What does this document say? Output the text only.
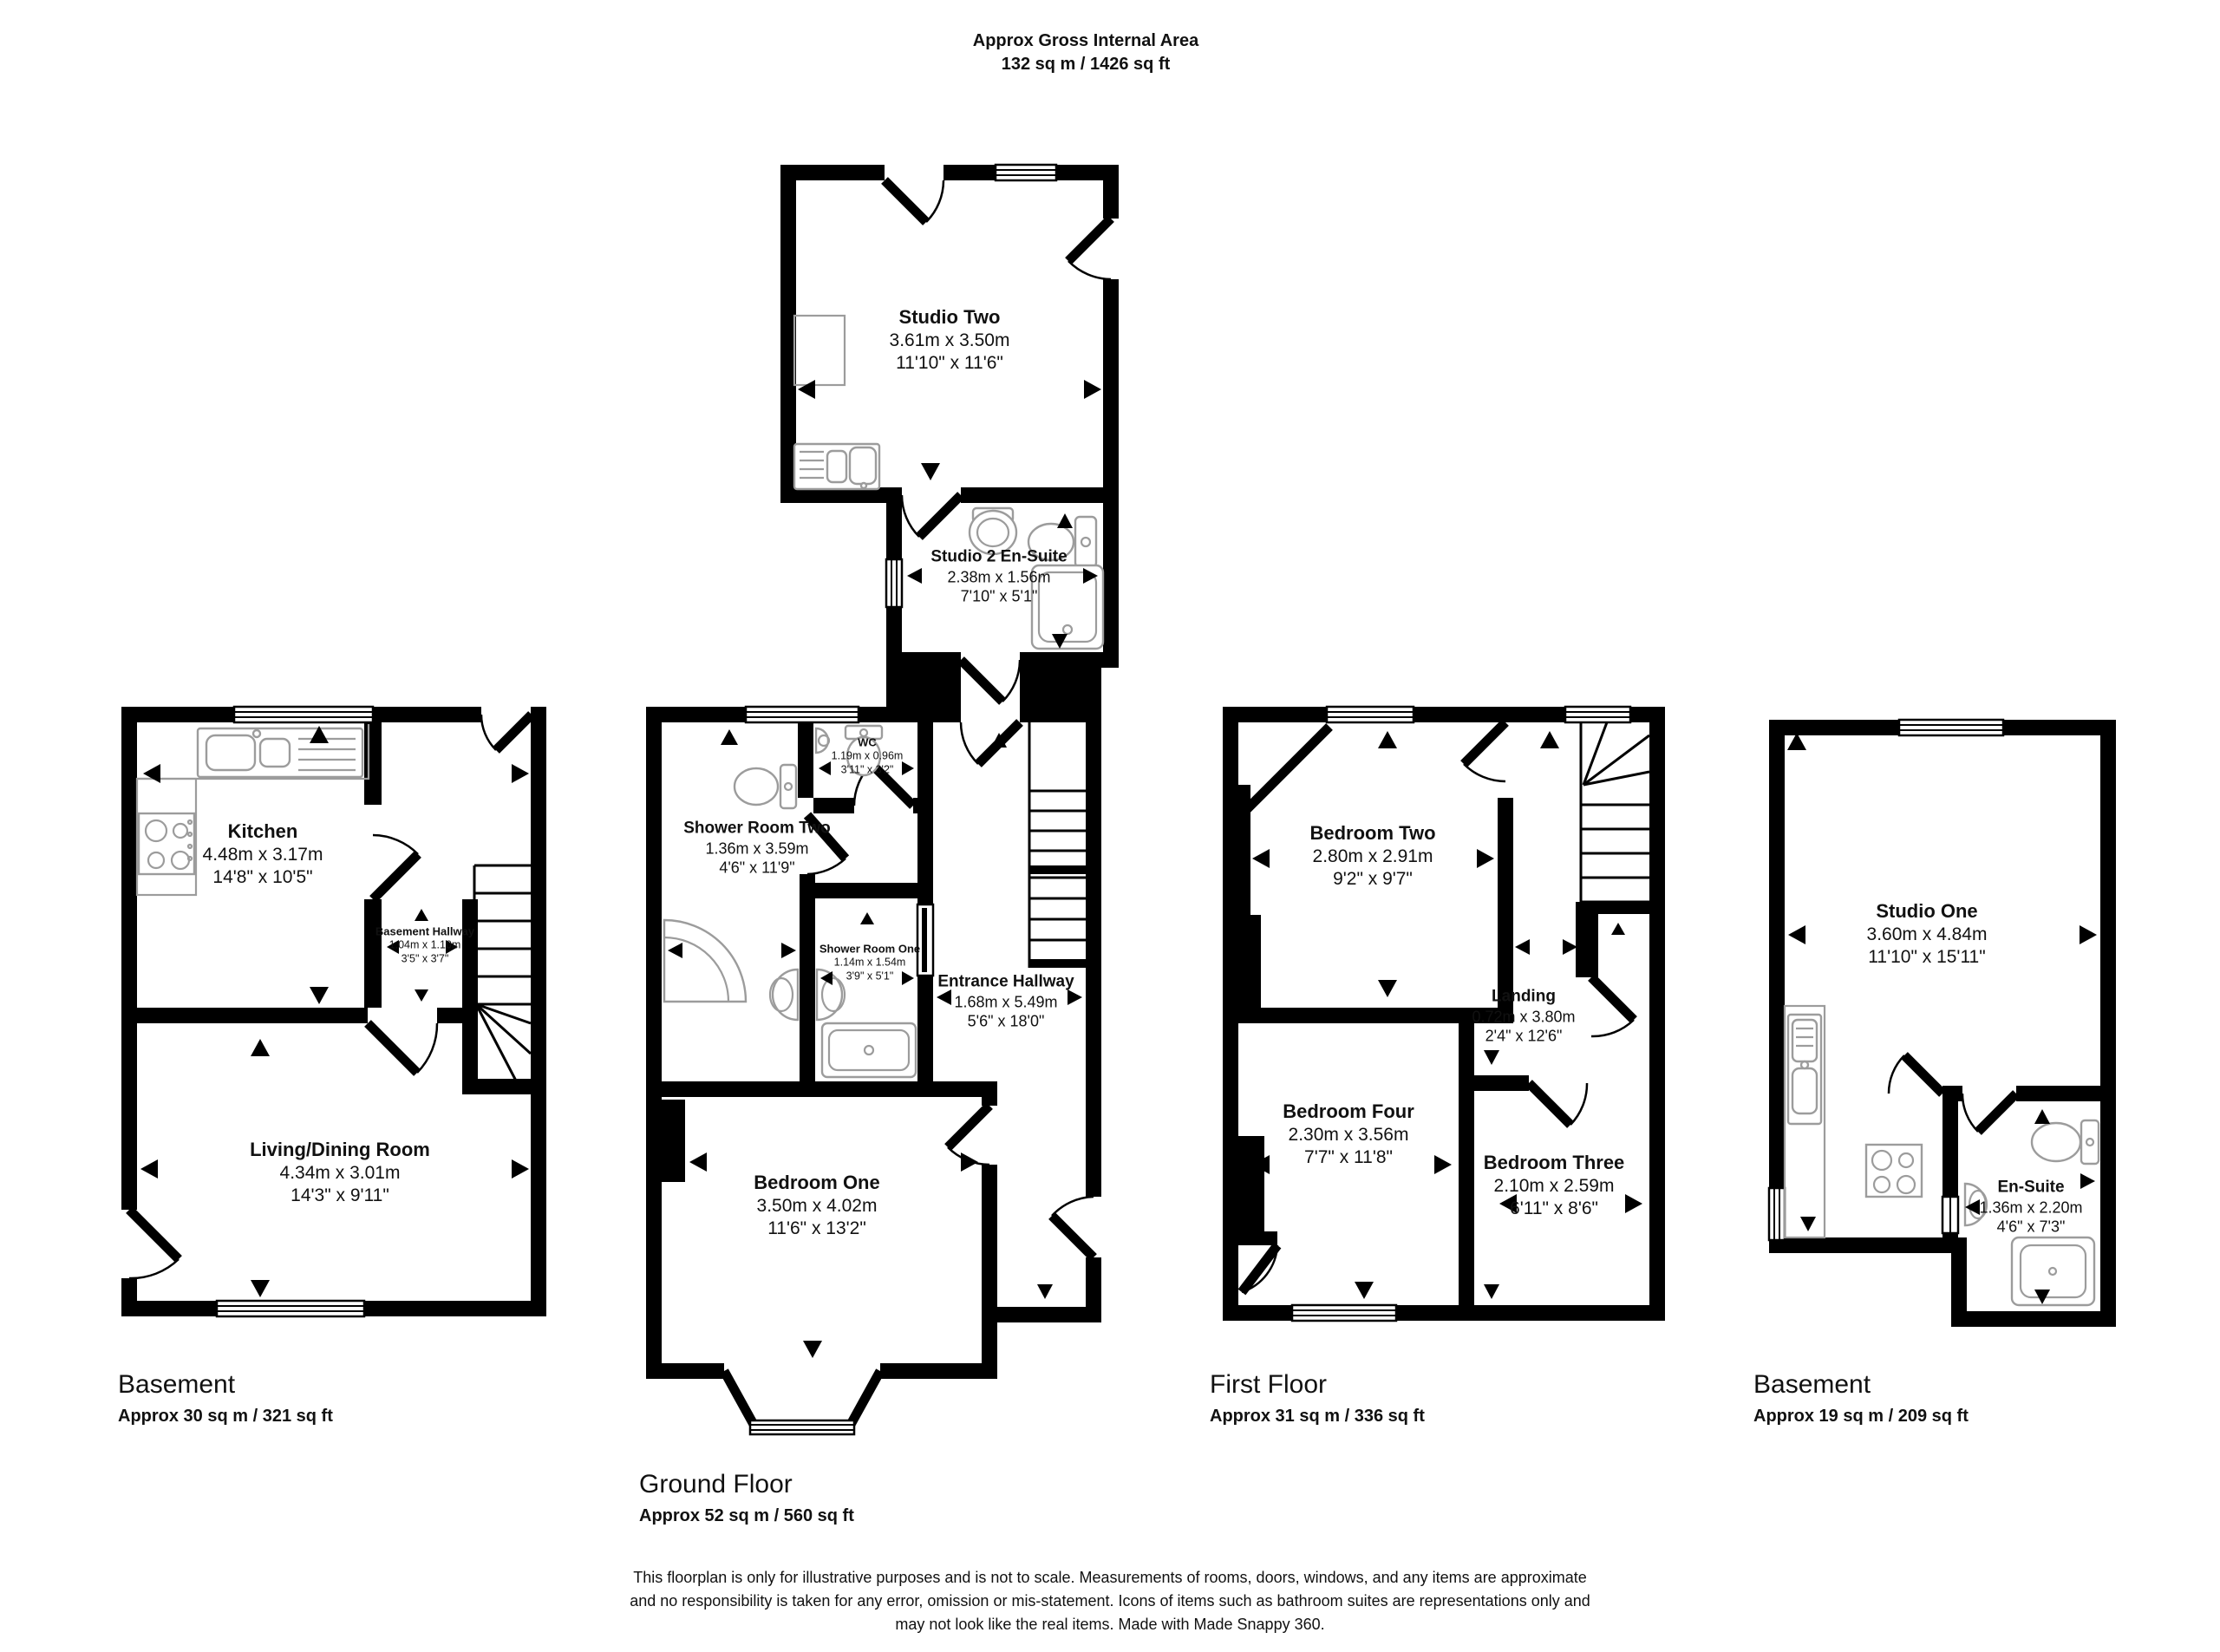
Approx Gross Internal Area
132 sq m / 1426 sq ft
Studio Two
3.61m x 3.50m
11'10" x 11'6"
Studio 2 En-Suite
2.38m x 1.56m
7'10" x 5'1"
Kitchen
4.48m x 3.17m
14'8" x 10'5"
Basement Hallway
1.04m x 1.10m
3'5" x 3'7"
Living/Dining Room
4.34m x 3.01m
14'3" x 9'11"
Shower Room Two
1.36m x 3.59m
4'6" x 11'9"
WC
1.19m x 0.96m
3'11" x 3'2"
Shower Room One
1.14m x 1.54m
3'9" x 5'1"	Entrance Hallway
1.68m x 5.49m
5'6" x 18'0"
Bedroom One
3.50m x 4.02m
11'6" x 13'2"
Bedroom Two
2.80m x 2.91m
9'2" x 9'7"
Landing
0.72m x 3.80m
2'4" x 12'6"
Bedroom Four
2.30m x 3.56m
7'7" x 11'8"	Bedroom Three
2.10m x 2.59m
6'11" x 8'6"
Studio One
3.60m x 4.84m
11'10" x 15'11"
En-Suite
1.36m x 2.20m
4'6" x 7'3"
Basement
Approx 30 sq m / 321 sq ft
Ground Floor
Approx 52 sq m / 560 sq ft
First Floor
Approx 31 sq m / 336 sq ft
Basement
Approx 19 sq m / 209 sq ft
This floorplan is only for illustrative purposes and is not to scale. Measurements of rooms, doors, windows, and any items are approximate
and no responsibility is taken for any error, omission or mis-statement. Icons of items such as bathroom suites are representations only and
may not look like the real items. Made with Made Snappy 360.
